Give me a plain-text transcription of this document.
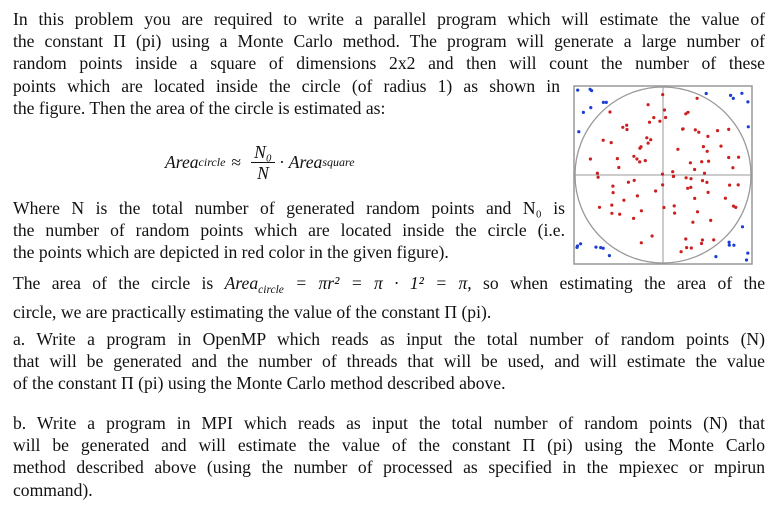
In this problem you are required to write a parallel program which will estimate the value of
the constant Π (pi) using a Monte Carlo method. The program will generate a large number of
random points inside a square of dimensions 2x2 and then will count the number of these
points which are located inside the circle (of radius 1) as shown in
the figure. Then the area of the circle is estimated as:

Area circle ≈ $\frac{\text{N₀}}{N}$ · Area square

Where N is the total number of generated random points and N₀ is
the number of random points which are located inside the circle (i.e.
the points which are depicted in red color in the given figure).

The area of the circle is Area$_{circle}$ = πr² = π · 1² = π, so when estimating the area of the
circle, we are practically estimating the value of the constant Π (pi).

a. Write a program in OpenMP which reads as input the total number of random points (N)
that will be generated and the number of threads that will be used, and will estimate the value
of the constant Π (pi) using the Monte Carlo method described above.

b. Write a program in MPI which reads as input the total number of random points (N) that
will be generated and will estimate the value of the constant Π (pi) using the Monte Carlo
method described above (using the number of processed as specified in the mpiexec or mpirun
command).
